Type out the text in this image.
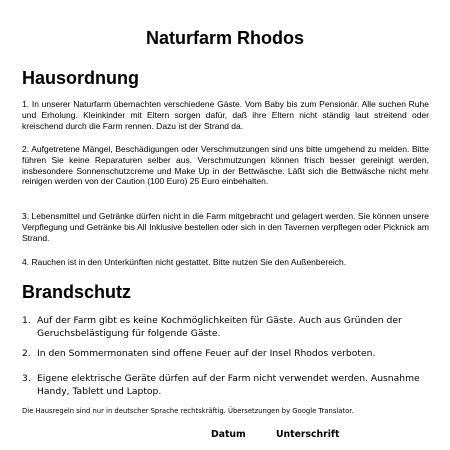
Naturfarm Rhodos
Hausordnung

1. In unserer Naturfarm übernachten verschiedene Gäste. Vom Baby bis zum Pensionär. Alle suchen Ruhe und Erholung. Kleinkinder mit Eltern sorgen dafür, daß ihre Eltern nicht ständig laut streitend oder kreischend durch die Farm rennen. Dazu ist der Strand da.

2. Aufgetretene Mängel, Beschädigungen oder Verschmutzungen sind uns bitte umgehend zu melden. Bitte führen Sie keine Reparaturen selber aus. Verschmutzungen können frisch besser gereinigt werden, insbesondere Sonnenschutzcreme und Make Up in der Bettwäsche. Läßt sich die Bettwäsche nicht mehr reinigen werden von der Caution (100 Euro) 25 Euro einbehalten.

3. Lebensmittel und Getränke dürfen nicht in die Farm mitgebracht und gelagert werden. Sie können unsere Verpflegung und Getränke bis All Inklusive bestellen oder sich in den Tavernen verpflegen oder Picknick am Strand.

4. Rauchen ist in den Unterkünften nicht gestattet. Bitte nutzen Sie den Außenbereich.

Brandschutz
1. Auf der Farm gibt es keine Kochmöglichkeiten für Gäste. Auch aus Gründen der Geruchsbelästigung für folgende Gäste.
2. In den Sommermonaten sind offene Feuer auf der Insel Rhodos verboten.
3. Eigene elektrische Geräte dürfen auf der Farm nicht verwendet werden. Ausnahme Handy, Tablett und Laptop.

Die Hausregeln sind nur in deutscher Sprache rechtskräftig. Übersetzungen by Google Translator.

Datum	Unterschrift
